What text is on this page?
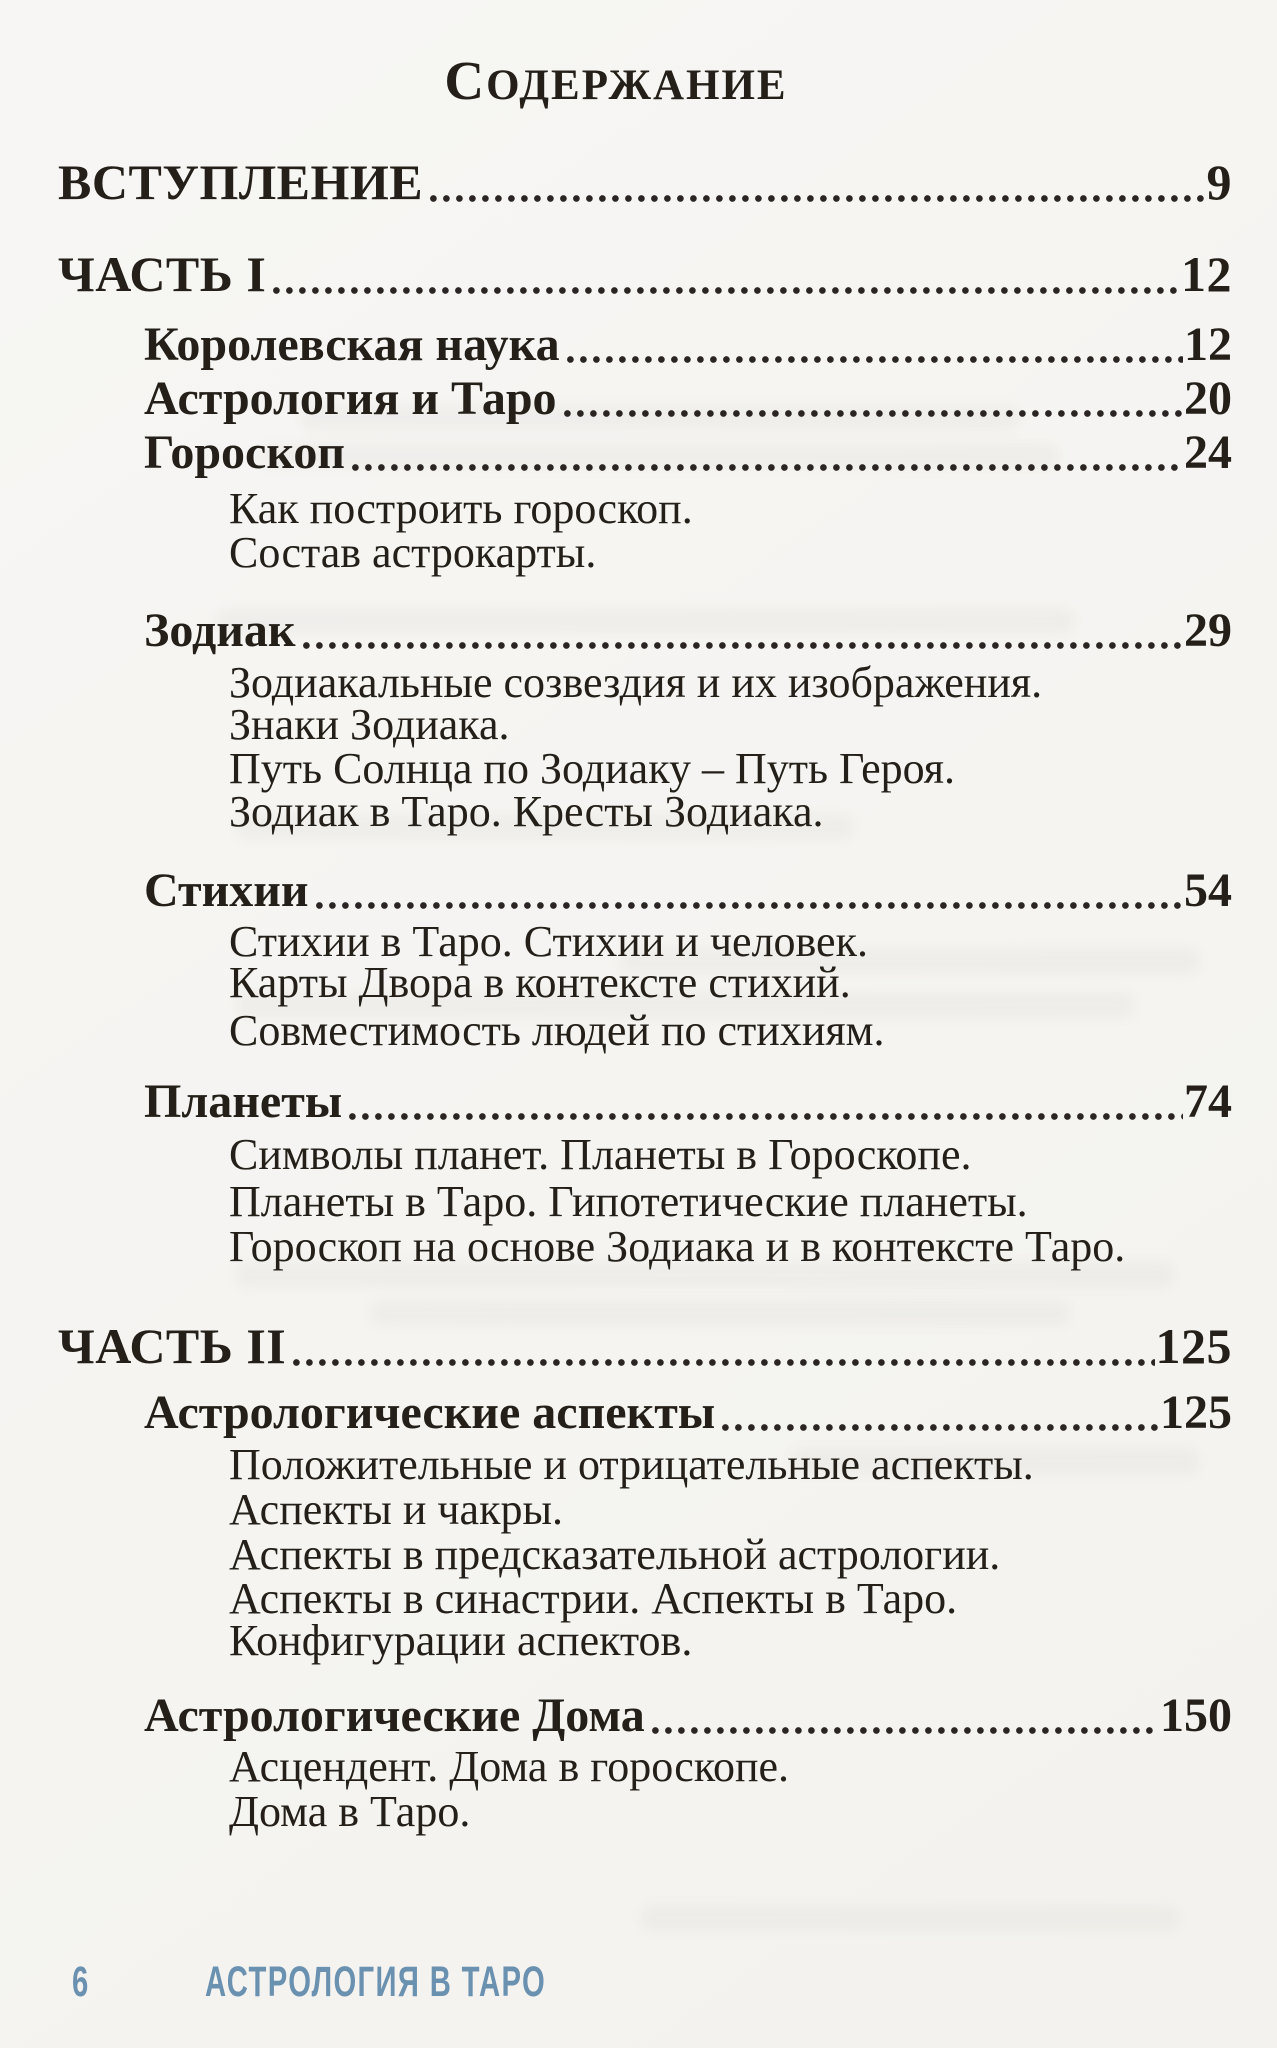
СОДЕРЖАНИЕ
ВСТУПЛЕНИЕ	9
ЧАСТЬ I	12
Королевская наука	12
Астрология и Таро	20
Гороскоп	24
Как построить гороскоп.
Состав астрокарты.
Зодиак	29
Зодиакальные созвездия и их изображения.
Знаки Зодиака.
Путь Солнца по Зодиаку – Путь Героя.
Зодиак в Таро. Кресты Зодиака.
Стихии	54
Стихии в Таро. Стихии и человек.
Карты Двора в контексте стихий.
Совместимость людей по стихиям.
Планеты	74
Символы планет. Планеты в Гороскопе.
Планеты в Таро. Гипотетические планеты.
Гороскоп на основе Зодиака и в контексте Таро.
ЧАСТЬ II	125
Астрологические аспекты	125
Положительные и отрицательные аспекты.
Аспекты и чакры.
Аспекты в предсказательной астрологии.
Аспекты в синастрии. Аспекты в Таро.
Конфигурации аспектов.
Астрологические Дома	150
Асцендент. Дома в гороскопе.
Дома в Таро.
6	АСТРОЛОГИЯ В ТАРО
